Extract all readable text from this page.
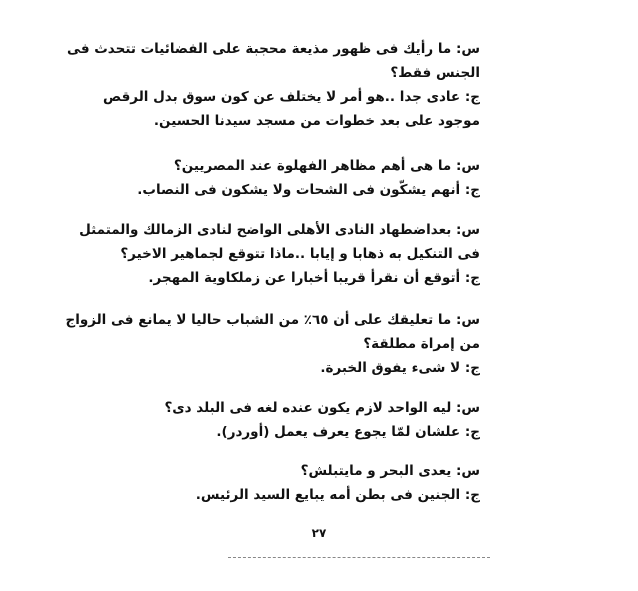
س: ما رأيك فى ظهور مذيعة محجبة على الفضائيات تتحدث فى
الجنس فقط؟
ج: عادى جدا ..هو أمر لا يختلف عن كون سوق بدل الرقص
موجود على بعد خطوات من مسجد سيدنا الحسين.
س: ما هى أهم مظاهر الفهلوة عند المصريين؟
ج: أنهم يشكّون فى الشحات ولا يشكون فى النصاب.
س: بعداضطهاد النادى الأهلى الواضح لنادى الزمالك والمتمثل
فى التنكيل به ذهابا و إيابا ..ماذا تتوقع لجماهير الاخير؟
ج: أتوقع أن نقرأ قريبا أخبارا عن زملكاوية المهجر.
س: ما تعليقك على أن ٦٥٪ من الشباب حاليا لا يمانع فى الزواج
من إمراة مطلقة؟
ج: لا شىء يفوق الخبرة.
س: ليه الواحد لازم يكون عنده لغه فى البلد دى؟
ج: علشان لمّا يجوع يعرف يعمل (أوردر).
س: يعدى البحر و مايتبلش؟
ج: الجنين فى بطن أمه يبايع السيد الرئيس.
٢٧
